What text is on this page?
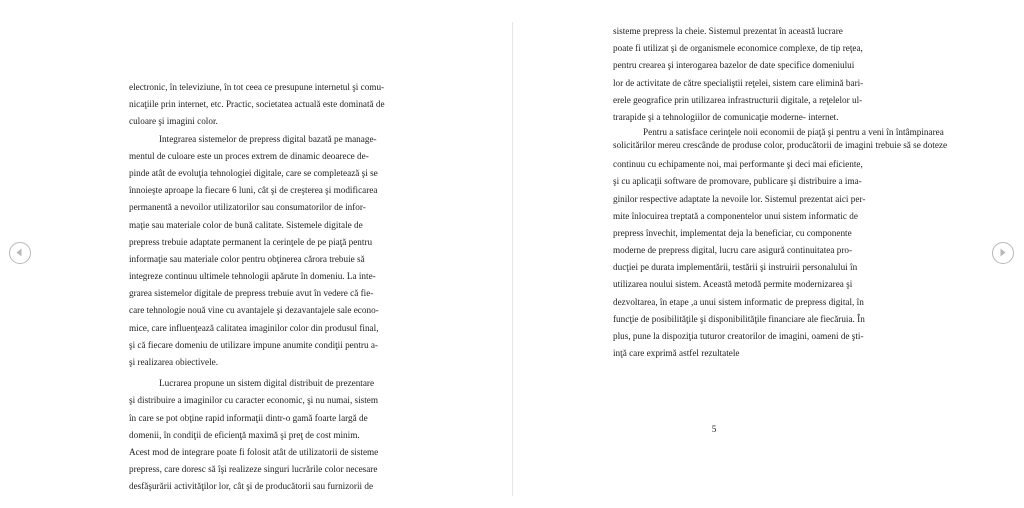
electronic, în televiziune, în tot ceea ce presupune internetul şi comu-
nicaţiile prin internet, etc. Practic, societatea actuală este dominată de
culoare şi imagini color.
Integrarea sistemelor de prepress digital bazată pe manage-
mentul de culoare este un proces extrem de dinamic deoarece de-
pinde atât de evoluţia tehnologiei digitale, care se completează şi se
înnoieşte aproape la fiecare 6 luni, cât şi de creşterea şi modificarea
permanentă a nevoilor utilizatorilor sau consumatorilor de infor-
maţie sau materiale color de bună calitate. Sistemele digitale de
prepress trebuie adaptate permanent la cerinţele de pe piaţă pentru
informaţie sau materiale color pentru obţinerea cărora trebuie să
integreze continuu ultimele tehnologii apărute în domeniu. La inte-
grarea sistemelor digitale de prepress trebuie avut în vedere că fie-
care tehnologie nouă vine cu avantajele şi dezavantajele sale econo-
mice, care influenţează calitatea imaginilor color din produsul final,
şi că fiecare domeniu de utilizare impune anumite condiţii pentru a-
şi realizarea obiectivele.
Lucrarea propune un sistem digital distribuit de prezentare
şi distribuire a imaginilor cu caracter economic, şi nu numai, sistem
în care se pot obţine rapid informaţii dintr-o gamă foarte largă de
domenii, în condiţii de eficienţă maximă şi preţ de cost minim.
Acest mod de integrare poate fi folosit atât de utilizatorii de sisteme
prepress, care doresc să îşi realizeze singuri lucrările color necesare
desfăşurării activităţilor lor, cât şi de producătorii sau furnizorii de
sisteme prepress la cheie. Sistemul prezentat în această lucrare
poate fi utilizat şi de organismele economice complexe, de tip reţea,
pentru crearea şi interogarea bazelor de date specifice domeniului
lor de activitate de către specialiştii reţelei, sistem care elimină bari-
erele geografice prin utilizarea infrastructurii digitale, a reţelelor ul-
trarapide şi a tehnologiilor de comunicaţie moderne- internet.
Pentru a satisface cerinţele noii economii de piaţă şi pentru a veni în întâmpinarea
solicitărilor mereu crescânde de produse color, producătorii de imagini trebuie să se doteze
continuu cu echipamente noi, mai performante şi deci mai eficiente,
şi cu aplicaţii software de promovare, publicare şi distribuire a ima-
ginilor respective adaptate la nevoile lor. Sistemul prezentat aici per-
mite înlocuirea treptată a componentelor unui sistem informatic de
prepress învechit, implementat deja la beneficiar, cu componente
moderne de prepress digital, lucru care asigură continuitatea pro-
ducţiei pe durata implementării, testării şi instruirii personalului în
utilizarea noului sistem. Această metodă permite modernizarea şi
dezvoltarea, în etape ,a unui sistem informatic de prepress digital, în
funcţie de posibilităţile şi disponibilităţile financiare ale fiecăruia. În
plus, pune la dispoziţia tuturor creatorilor de imagini, oameni de şti-
inţă care exprimă astfel rezultatele
5
